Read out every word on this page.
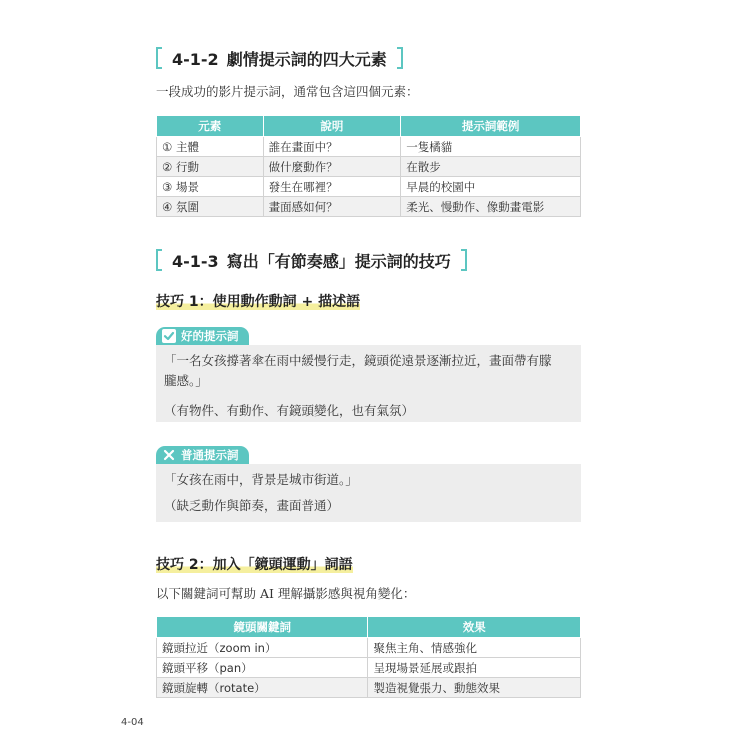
4-1-2 劇情提示詞的四大元素
一段成功的影片提示詞，通常包含這四個元素：
元素	說明	提示詞範例
① 主體	誰在畫面中？	一隻橘貓
② 行動	做什麼動作？	在散步
③ 場景	發生在哪裡？	早晨的校園中
④ 氛圍	畫面感如何？	柔光、慢動作、像動畫電影
4-1-3 寫出「有節奏感」提示詞的技巧
技巧 1：使用動作動詞 + 描述語
好的提示詞

「一名女孩撐著傘在雨中緩慢行走，鏡頭從遠景逐漸拉近，畫面帶有朦

朧感。」

（有物件、有動作、有鏡頭變化，也有氣氛）

普通提示詞

「女孩在雨中，背景是城市街道。」

（缺乏動作與節奏，畫面普通）

技巧 2：加入「鏡頭運動」詞語
以下關鍵詞可幫助 AI 理解攝影感與視角變化：
鏡頭關鍵詞	效果
鏡頭拉近（zoom in）	聚焦主角、情感強化
鏡頭平移（pan）	呈現場景延展或跟拍
鏡頭旋轉（rotate）	製造視覺張力、動態效果
4-04
